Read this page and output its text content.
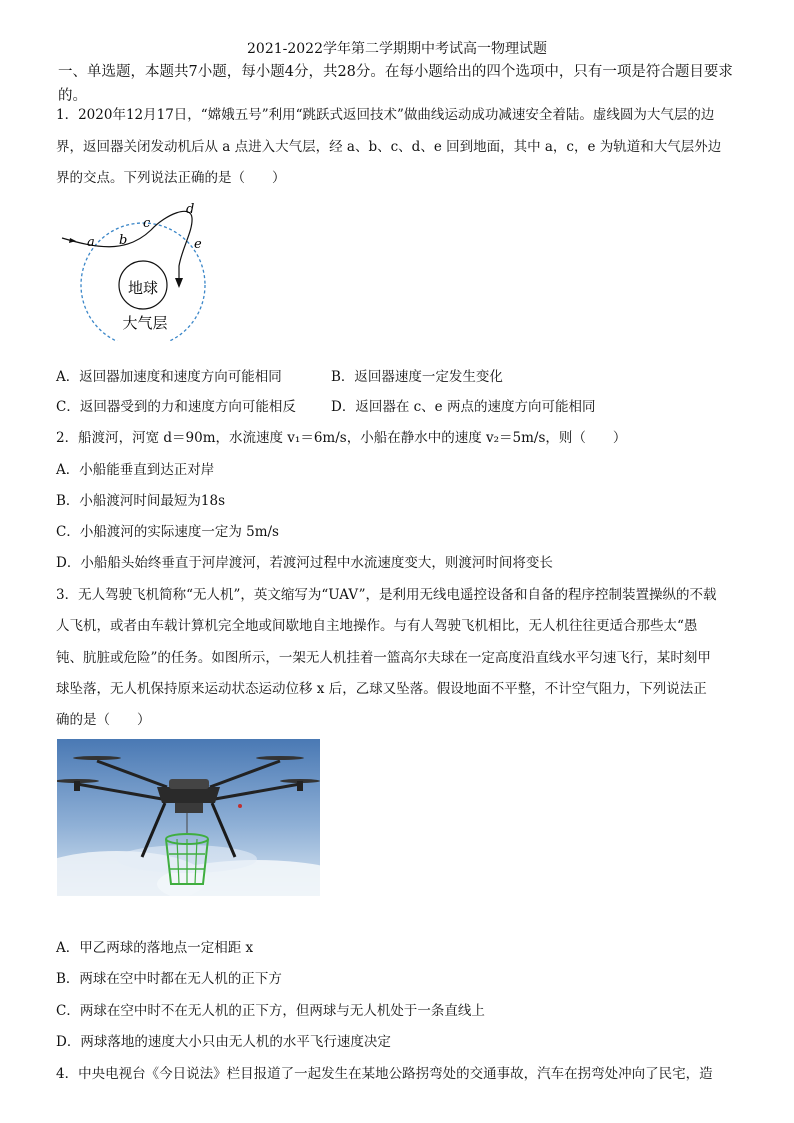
2021-2022学年第二学期期中考试高一物理试题
一、单选题，本题共7小题，每小题4分，共28分。在每小题给出的四个选项中，只有一项是符合题目要求的。
1．2020年12月17日，“嫦娥五号”利用“跳跃式返回技术”做曲线运动成功减速安全着陆。虚线圆为大气层的边
界，返回器关闭发动机后从 a 点进入大气层，经 a、b、c、d、e 回到地面，其中 a，c，e 为轨道和大气层外边
界的交点。下列说法正确的是（　　）
a b
c
d
e
地球
大气层
A．返回器加速度和速度方向可能相同	B．返回器速度一定发生变化
C．返回器受到的力和速度方向可能相反	D．返回器在 c、e 两点的速度方向可能相同
2．船渡河，河宽 d＝90m，水流速度 v₁＝6m/s，小船在静水中的速度 v₂＝5m/s，则（　　）
A．小船能垂直到达正对岸
B．小船渡河时间最短为18s
C．小船渡河的实际速度一定为 5m/s
D．小船船头始终垂直于河岸渡河，若渡河过程中水流速度变大，则渡河时间将变长
3．无人驾驶飞机简称“无人机”，英文缩写为“UAV”，是利用无线电遥控设备和自备的程序控制装置操纵的不载
人飞机，或者由车载计算机完全地或间歇地自主地操作。与有人驾驶飞机相比，无人机往往更适合那些太“愚
钝、肮脏或危险”的任务。如图所示，一架无人机挂着一篮高尔夫球在一定高度沿直线水平匀速飞行，某时刻甲
球坠落，无人机保持原来运动状态运动位移 x 后，乙球又坠落。假设地面不平整，不计空气阻力，下列说法正
确的是（　　）
A．甲乙两球的落地点一定相距 x
B．两球在空中时都在无人机的正下方
C．两球在空中时不在无人机的正下方，但两球与无人机处于一条直线上
D．两球落地的速度大小只由无人机的水平飞行速度决定
4．中央电视台《今日说法》栏目报道了一起发生在某地公路拐弯处的交通事故，汽车在拐弯处冲向了民宅，造
